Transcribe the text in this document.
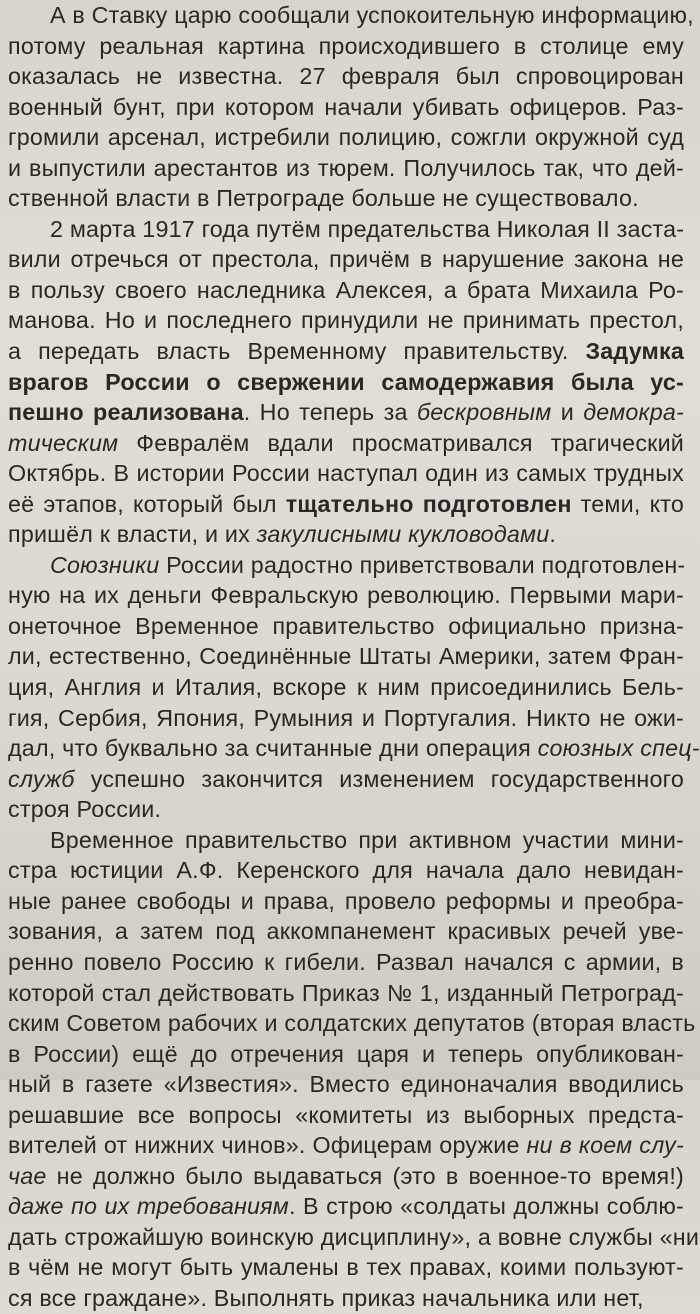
А в Ставку царю сообщали успокоительную информацию,
потому реальная картина происходившего в столице ему
оказалась не известна. 27 февраля был спровоцирован
военный бунт, при котором начали убивать офицеров. Раз-
громили арсенал, истребили полицию, сожгли окружной суд
и выпустили арестантов из тюрем. Получилось так, что дей-
ственной власти в Петрограде больше не существовало.
2 марта 1917 года путём предательства Николая II заста-
вили отречься от престола, причём в нарушение закона не
в пользу своего наследника Алексея, а брата Михаила Ро-
манова. Но и последнего принудили не принимать престол,
а передать власть Временному правительству. Задумка
врагов России о свержении самодержавия была ус-
пешно реализована. Но теперь за бескровным и демокра-
тическим Февралём вдали просматривался трагический
Октябрь. В истории России наступал один из самых трудных
её этапов, который был тщательно подготовлен теми, кто
пришёл к власти, и их закулисными кукловодами.
Союзники России радостно приветствовали подготовлен-
ную на их деньги Февральскую революцию. Первыми мари-
онеточное Временное правительство официально призна-
ли, естественно, Соединённые Штаты Америки, затем Фран-
ция, Англия и Италия, вскоре к ним присоединились Бель-
гия, Сербия, Япония, Румыния и Португалия. Никто не ожи-
дал, что буквально за считанные дни операция союзных спец-
служб успешно закончится изменением государственного
строя России.
Временное правительство при активном участии мини-
стра юстиции А.Ф. Керенского для начала дало невидан-
ные ранее свободы и права, провело реформы и преобра-
зования, а затем под аккомпанемент красивых речей уве-
ренно повело Россию к гибели. Развал начался с армии, в
которой стал действовать Приказ № 1, изданный Петроград-
ским Советом рабочих и солдатских депутатов (вторая власть
в России) ещё до отречения царя и теперь опубликован-
ный в газете «Известия». Вместо единоначалия вводились
решавшие все вопросы «комитеты из выборных предста-
вителей от нижних чинов». Офицерам оружие ни в коем слу-
чае не должно было выдаваться (это в военное-то время!)
даже по их требованиям. В строю «солдаты должны соблю-
дать строжайшую воинскую дисциплину», а вовне службы «ни
в чём не могут быть умалены в тех правах, коими пользуют-
ся все граждане». Выполнять приказ начальника или нет,
